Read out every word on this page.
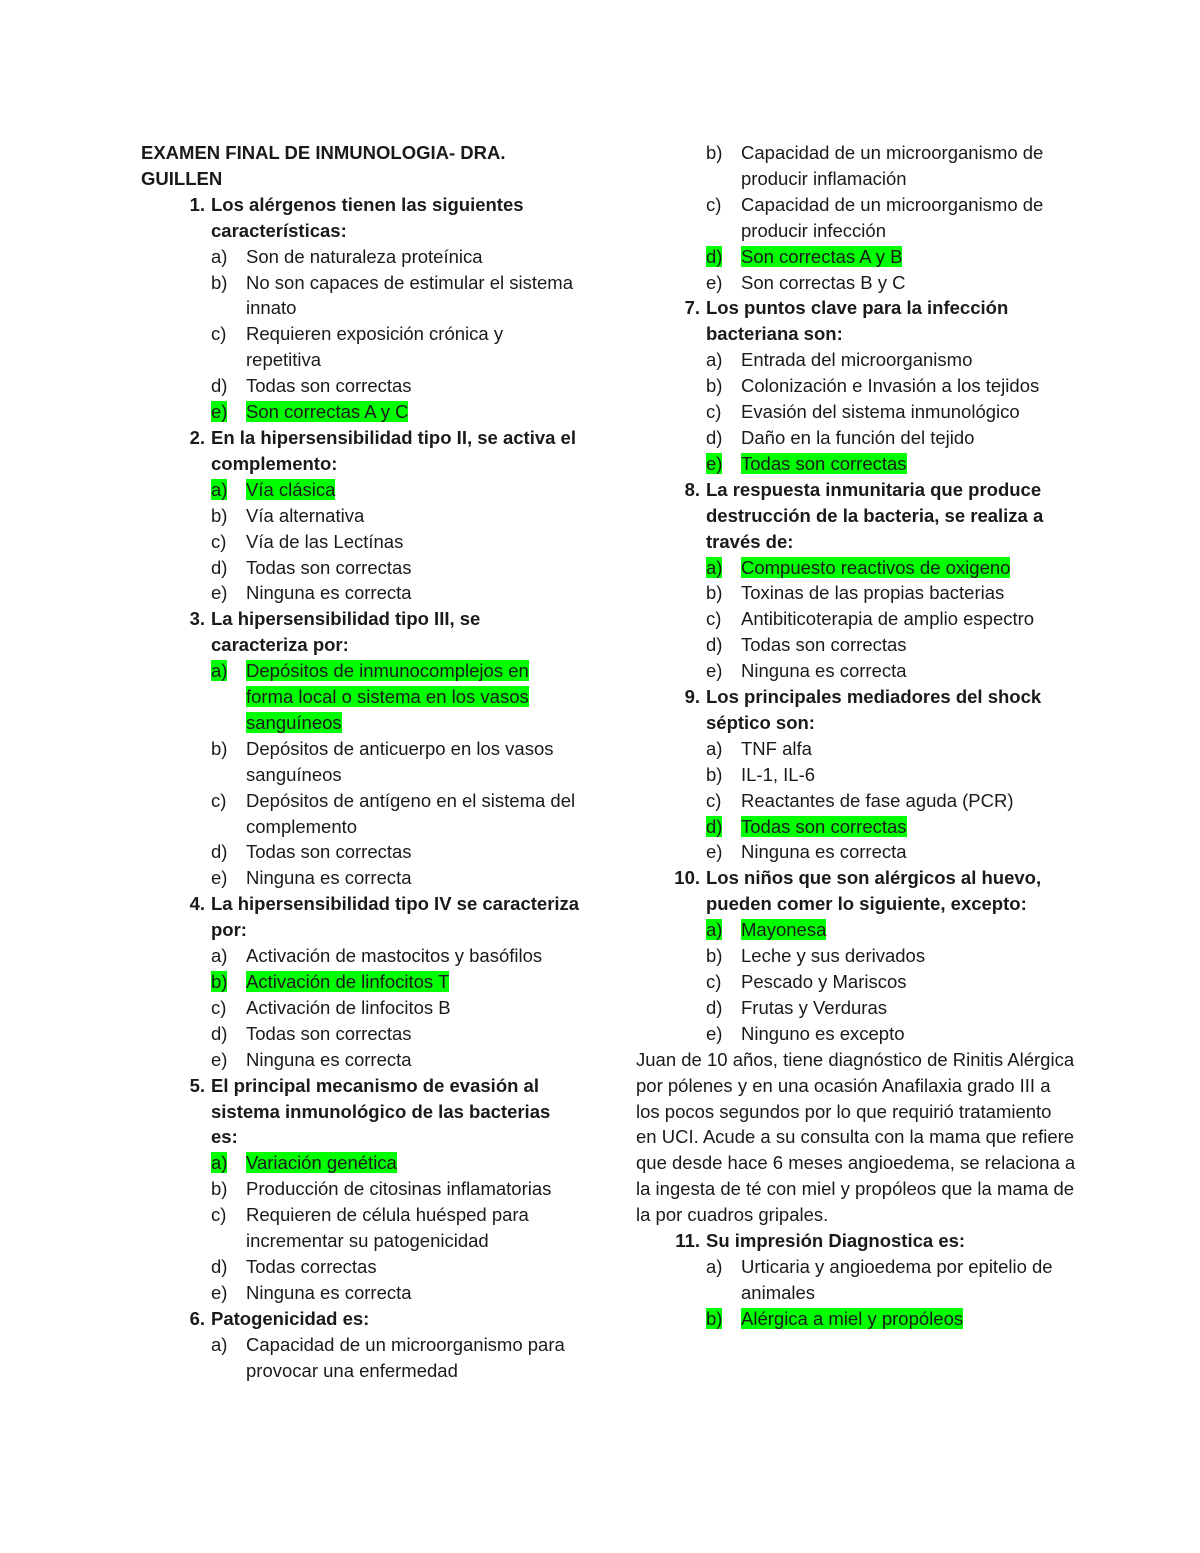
EXAMEN FINAL DE INMUNOLOGIA- DRA. GUILLEN
1. Los alérgenos tienen las siguientes características:
a)	Son de naturaleza proteínica
b)	No son capaces de estimular el sistema innato
c)	Requieren exposición crónica y repetitiva
d)	Todas son correctas
e)	Son correctas A y C
2. En la hipersensibilidad tipo II, se activa el complemento:
a)	Vía clásica
b)	Vía alternativa
c)	Vía de las Lectínas
d)	Todas son correctas
e)	Ninguna es correcta
3. La hipersensibilidad tipo III, se caracteriza por:
a)	Depósitos de inmunocomplejos en forma local o sistema en los vasos sanguíneos
b)	Depósitos de anticuerpo en los vasos sanguíneos
c)	Depósitos de antígeno en el sistema del complemento
d)	Todas son correctas
e)	Ninguna es correcta
4. La hipersensibilidad tipo IV se caracteriza por:
a)	Activación de mastocitos y basófilos
b)	Activación de linfocitos T
c)	Activación de linfocitos B
d)	Todas son correctas
e)	Ninguna es correcta
5. El principal mecanismo de evasión al sistema inmunológico de las bacterias es:
a)	Variación genética
b)	Producción de citosinas inflamatorias
c)	Requieren de célula huésped para incrementar su patogenicidad
d)	Todas correctas
e)	Ninguna es correcta
6. Patogenicidad es:
a)	Capacidad de un microorganismo para provocar una enfermedad
b)	Capacidad de un microorganismo de producir inflamación
c)	Capacidad de un microorganismo de producir infección
d)	Son correctas A y B
e)	Son correctas B y C
7. Los puntos clave para la infección bacteriana son:
a)	Entrada del microorganismo
b)	Colonización e Invasión a los tejidos
c)	Evasión del sistema inmunológico
d)	Daño en la función del tejido
e)	Todas son correctas
8. La respuesta inmunitaria que produce destrucción de la bacteria, se realiza a través de:
a)	Compuesto reactivos de oxigeno
b)	Toxinas de las propias bacterias
c)	Antibiticoterapia de amplio espectro
d)	Todas son correctas
e)	Ninguna es correcta
9. Los principales mediadores del shock séptico son:
a)	TNF alfa
b)	IL-1, IL-6
c)	Reactantes de fase aguda (PCR)
d)	Todas son correctas
e)	Ninguna es correcta
10. Los niños que son alérgicos al huevo, pueden comer lo siguiente, excepto:
a)	Mayonesa
b)	Leche y sus derivados
c)	Pescado y Mariscos
d)	Frutas y Verduras
e)	Ninguno es excepto
Juan de 10 años, tiene diagnóstico de Rinitis Alérgica por pólenes y en una ocasión Anafilaxia grado III a los pocos segundos por lo que requirió tratamiento en UCI. Acude a su consulta con la mama que refiere que desde hace 6 meses angioedema, se relaciona a la ingesta de té con miel y propóleos que la mama de la por cuadros gripales.
11. Su impresión Diagnostica es:
a)	Urticaria y angioedema por epitelio de animales
b)	Alérgica a miel y propóleos
